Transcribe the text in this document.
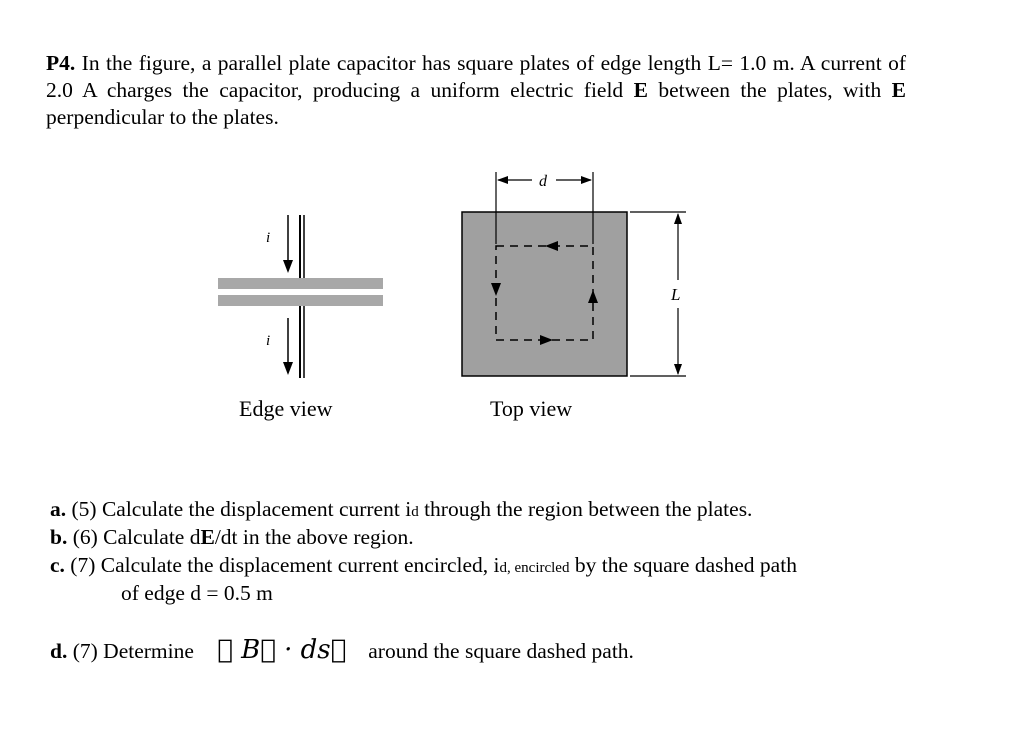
P4. In the figure, a parallel plate capacitor has square plates of edge length L= 1.0 m. A current of 2.0 A charges the capacitor, producing a uniform electric field E between the plates, with E perpendicular to the plates.
i
i
d
L
Edge view	Top view
a. (5) Calculate the displacement current id through the region between the plates.
b. (6) Calculate dE/dt in the above region.
c. (7) Calculate the displacement current encircled, id, encircled by the square dashed path
of edge d = 0.5 m
d. (7) Determine ∮ B⃗ · ds⃗ around the square dashed path.
